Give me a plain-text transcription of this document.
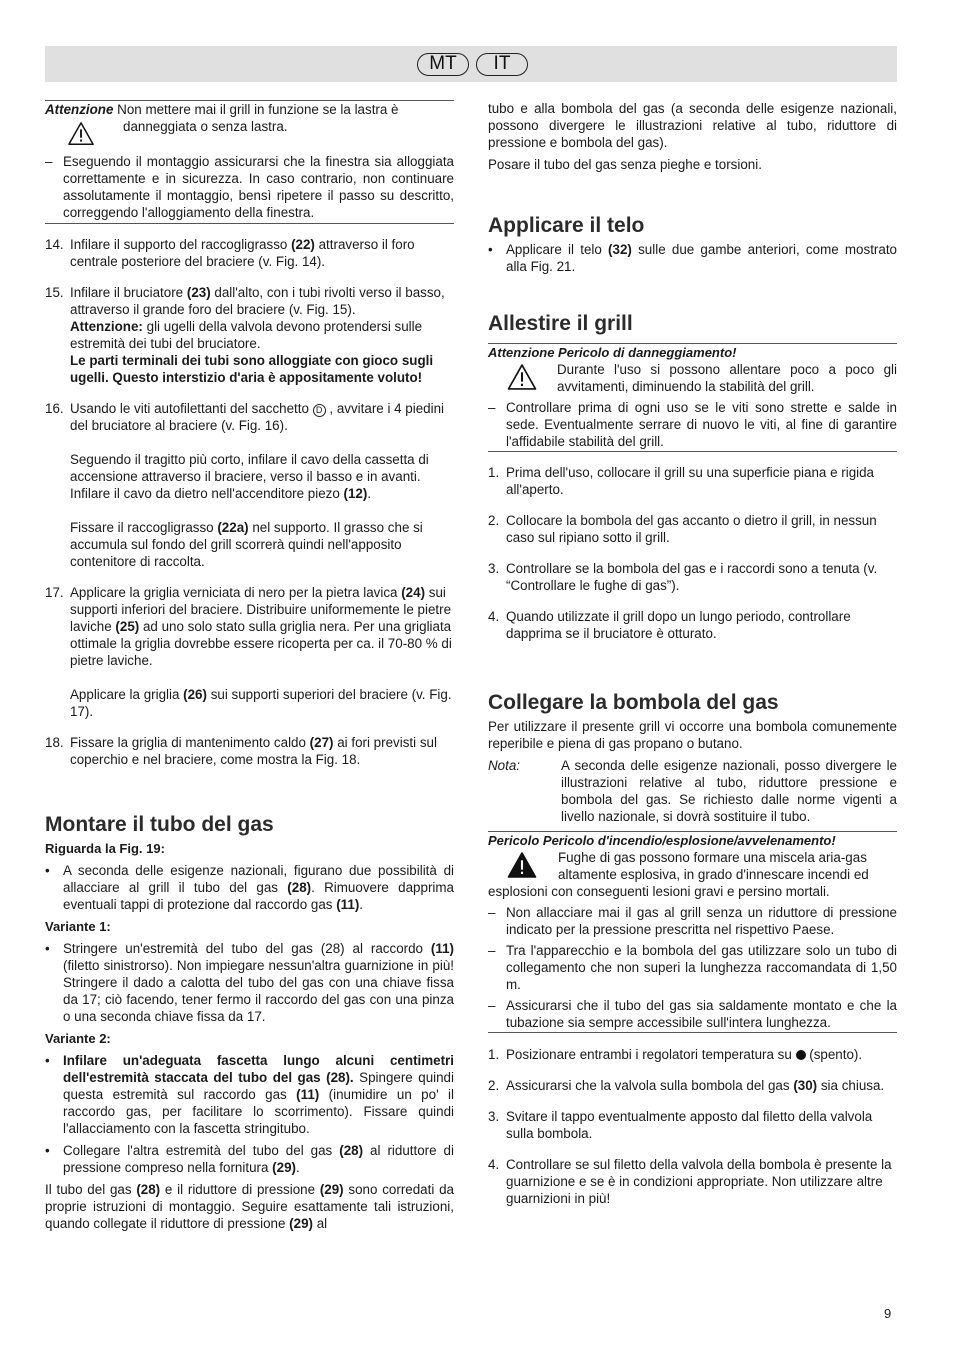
MT	IT

Attenzione Non mettere mai il grill in funzione se la lastra è

danneggiata o senza lastra.

– Eseguendo il montaggio assicurarsi che la finestra sia alloggiata correttamente e in sicurezza. In caso contrario, non continuare assolutamente il montaggio, bensì ripetere il passo su descritto, correggendo l'alloggiamento della finestra.
14. Infilare il supporto del raccogligrasso (22) attraverso il foro centrale posteriore del braciere (v. Fig. 14).
15. Infilare il bruciatore (23) dall'alto, con i tubi rivolti verso il basso, attraverso il grande foro del braciere (v. Fig. 15).
Attenzione: gli ugelli della valvola devono protendersi sulle estremità dei tubi del bruciatore.
Le parti terminali dei tubi sono alloggiate con gioco sugli ugelli. Questo interstizio d'aria è appositamente voluto!
16. Usando le viti autofilettanti del sacchetto D , avvitare i 4 piedini del bruciatore al braciere (v. Fig. 16).

Seguendo il tragitto più corto, infilare il cavo della cassetta di accensione attraverso il braciere, verso il basso e in avanti. Infilare il cavo da dietro nell'accenditore piezo (12).

Fissare il raccogligrasso (22a) nel supporto. Il grasso che si accumula sul fondo del grill scorrerà quindi nell'apposito contenitore di raccolta.

17. Applicare la griglia verniciata di nero per la pietra lavica (24) sui supporti inferiori del braciere. Distribuire uniformemente le pietre laviche (25) ad uno solo stato sulla griglia nera. Per una grigliata ottimale la griglia dovrebbe essere ricoperta per ca. il 70-80 % di pietre laviche.

Applicare la griglia (26) sui supporti superiori del braciere (v. Fig. 17).

18. Fissare la griglia di mantenimento caldo (27) ai fori previsti sul coperchio e nel braciere, come mostra la Fig. 18.
Montare il tubo del gas

Riguarda la Fig. 19:

• A seconda delle esigenze nazionali, figurano due possibilità di allacciare al grill il tubo del gas (28). Rimuovere dapprima eventuali tappi di protezione dal raccordo gas (11).

Variante 1:

• Stringere un'estremità del tubo del gas (28) al raccordo (11) (filetto sinistrorso). Non impiegare nessun'altra guarnizione in più! Stringere il dado a calotta del tubo del gas con una chiave fissa da 17; ciò facendo, tener fermo il raccordo del gas con una pinza o una seconda chiave fissa da 17.

Variante 2:

• Infilare un'adeguata fascetta lungo alcuni centimetri dell'estremità staccata del tubo del gas (28). Spingere quindi questa estremità sul raccordo gas (11) (inumidire un po' il raccordo gas, per facilitare lo scorrimento). Fissare quindi l'allacciamento con la fascetta stringitubo.
• Collegare l'altra estremità del tubo del gas (28) al riduttore di pressione compreso nella fornitura (29).

Il tubo del gas (28) e il riduttore di pressione (29) sono corredati da proprie istruzioni di montaggio. Seguire esattamente tali istruzioni, quando collegate il riduttore di pressione (29) al

tubo e alla bombola del gas (a seconda delle esigenze nazionali, possono divergere le illustrazioni relative al tubo, riduttore di pressione e bombola del gas).

Posare il tubo del gas senza pieghe e torsioni.

Applicare il telo
• Applicare il telo (32) sulle due gambe anteriori, come mostrato alla Fig. 21.
Allestire il grill

Attenzione Pericolo di danneggiamento!

Durante l'uso si possono allentare poco a poco gli avvitamenti, diminuendo la stabilità del grill.

– Controllare prima di ogni uso se le viti sono strette e salde in sede. Eventualmente serrare di nuovo le viti, al fine di garantire l'affidabile stabilità del grill.
1. Prima dell'uso, collocare il grill su una superficie piana e rigida all'aperto.
2. Collocare la bombola del gas accanto o dietro il grill, in nessun caso sul ripiano sotto il grill.
3. Controllare se la bombola del gas e i raccordi sono a tenuta (v. “Controllare le fughe di gas”).
4. Quando utilizzate il grill dopo un lungo periodo, controllare dapprima se il bruciatore è otturato.
Collegare la bombola del gas

Per utilizzare il presente grill vi occorre una bombola comunemente reperibile e piena di gas propano o butano.

Nota:	A seconda delle esigenze nazionali, posso divergere le illustrazioni relative al tubo, riduttore pressione e bombola del gas. Se richiesto dalle norme vigenti a livello nazionale, si dovrà sostituire il tubo.

Pericolo Pericolo d'incendio/esplosione/avvelenamento!

Fughe di gas possono formare una miscela aria-gas
altamente esplosiva, in grado d'innescare incendi ed

esplosioni con conseguenti lesioni gravi e persino mortali.

– Non allacciare mai il gas al grill senza un riduttore di pressione indicato per la pressione prescritta nel rispettivo Paese.
– Tra l'apparecchio e la bombola del gas utilizzare solo un tubo di collegamento che non superi la lunghezza raccomandata di 1,50 m.
– Assicurarsi che il tubo del gas sia saldamente montato e che la tubazione sia sempre accessibile sull'intera lunghezza.
1. Posizionare entrambi i regolatori temperatura su  (spento).
2. Assicurarsi che la valvola sulla bombola del gas (30) sia chiusa.
3. Svitare il tappo eventualmente apposto dal filetto della valvola sulla bombola.
4. Controllare se sul filetto della valvola della bombola è presente la guarnizione e se è in condizioni appropriate. Non utilizzare altre guarnizioni in più!
9
